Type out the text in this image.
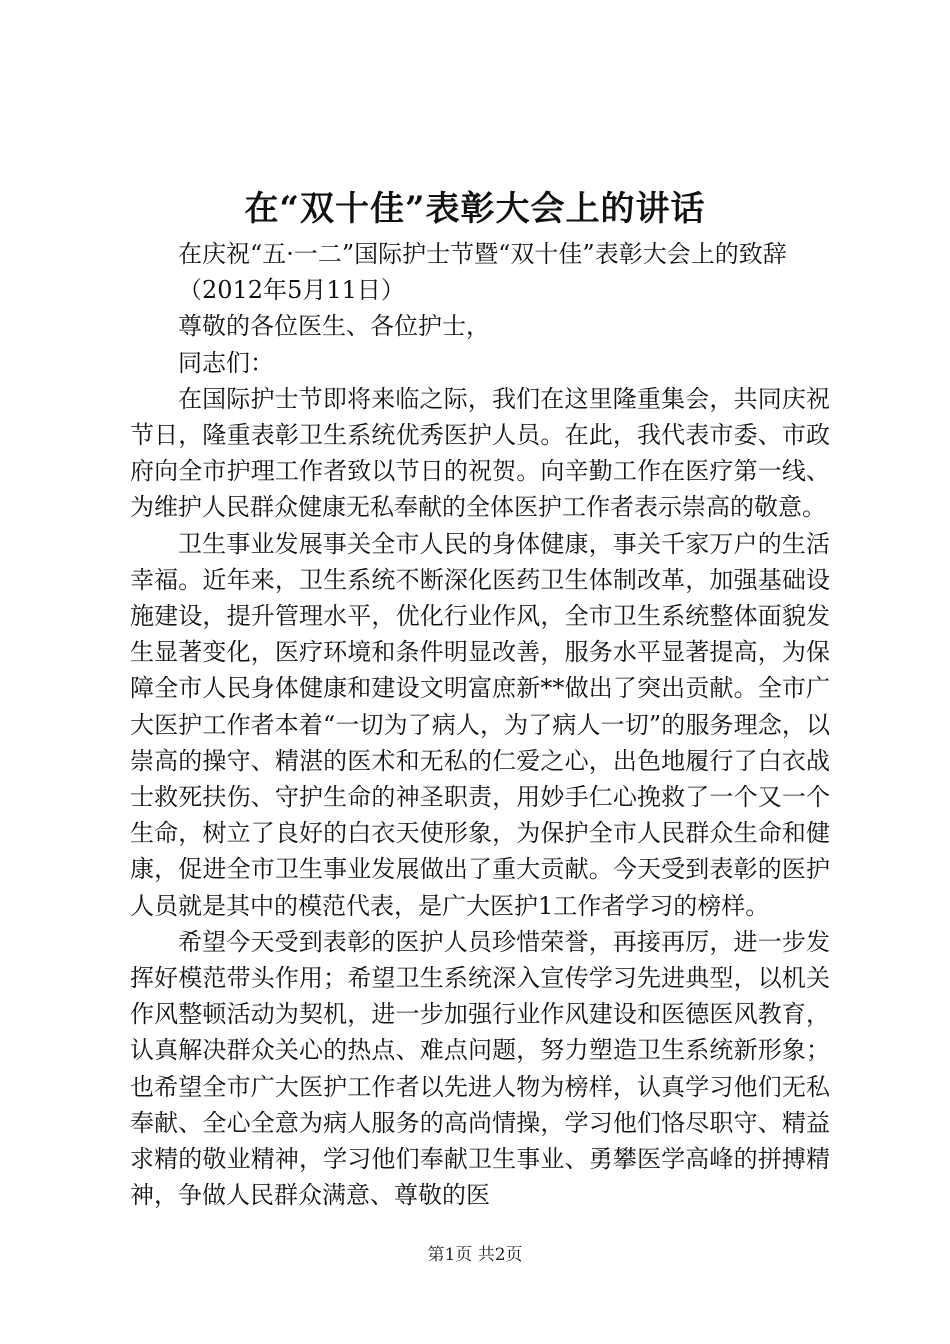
在“双十佳”表彰大会上的讲话

在庆祝“五·一二”国际护士节暨“双十佳”表彰大会上的致辞

（2012年5月11日）

尊敬的各位医生、各位护士，

同志们：

在国际护士节即将来临之际，我们在这里隆重集会，共同庆祝节日，隆重表彰卫生系统优秀医护人员。在此，我代表市委、市政府向全市护理工作者致以节日的祝贺。向辛勤工作在医疗第一线、为维护人民群众健康无私奉献的全体医护工作者表示崇高的敬意。

卫生事业发展事关全市人民的身体健康，事关千家万户的生活幸福。近年来，卫生系统不断深化医药卫生体制改革，加强基础设施建设，提升管理水平，优化行业作风，全市卫生系统整体面貌发生显著变化，医疗环境和条件明显改善，服务水平显著提高，为保障全市人民身体健康和建设文明富庶新**做出了突出贡献。全市广大医护工作者本着“一切为了病人，为了病人一切”的服务理念，以崇高的操守、精湛的医术和无私的仁爱之心，出色地履行了白衣战士救死扶伤、守护生命的神圣职责，用妙手仁心挽救了一个又一个生命，树立了良好的白衣天使形象，为保护全市人民群众生命和健康，促进全市卫生事业发展做出了重大贡献。今天受到表彰的医护人员就是其中的模范代表，是广大医护1工作者学习的榜样。

希望今天受到表彰的医护人员珍惜荣誉，再接再厉，进一步发挥好模范带头作用；希望卫生系统深入宣传学习先进典型，以机关作风整顿活动为契机，进一步加强行业作风建设和医德医风教育，认真解决群众关心的热点、难点问题，努力塑造卫生系统新形象；也希望全市广大医护工作者以先进人物为榜样，认真学习他们无私奉献、全心全意为病人服务的高尚情操，学习他们恪尽职守、精益求精的敬业精神，学习他们奉献卫生事业、勇攀医学高峰的拼搏精神，争做人民群众满意、尊敬的医

第1页 共2页
